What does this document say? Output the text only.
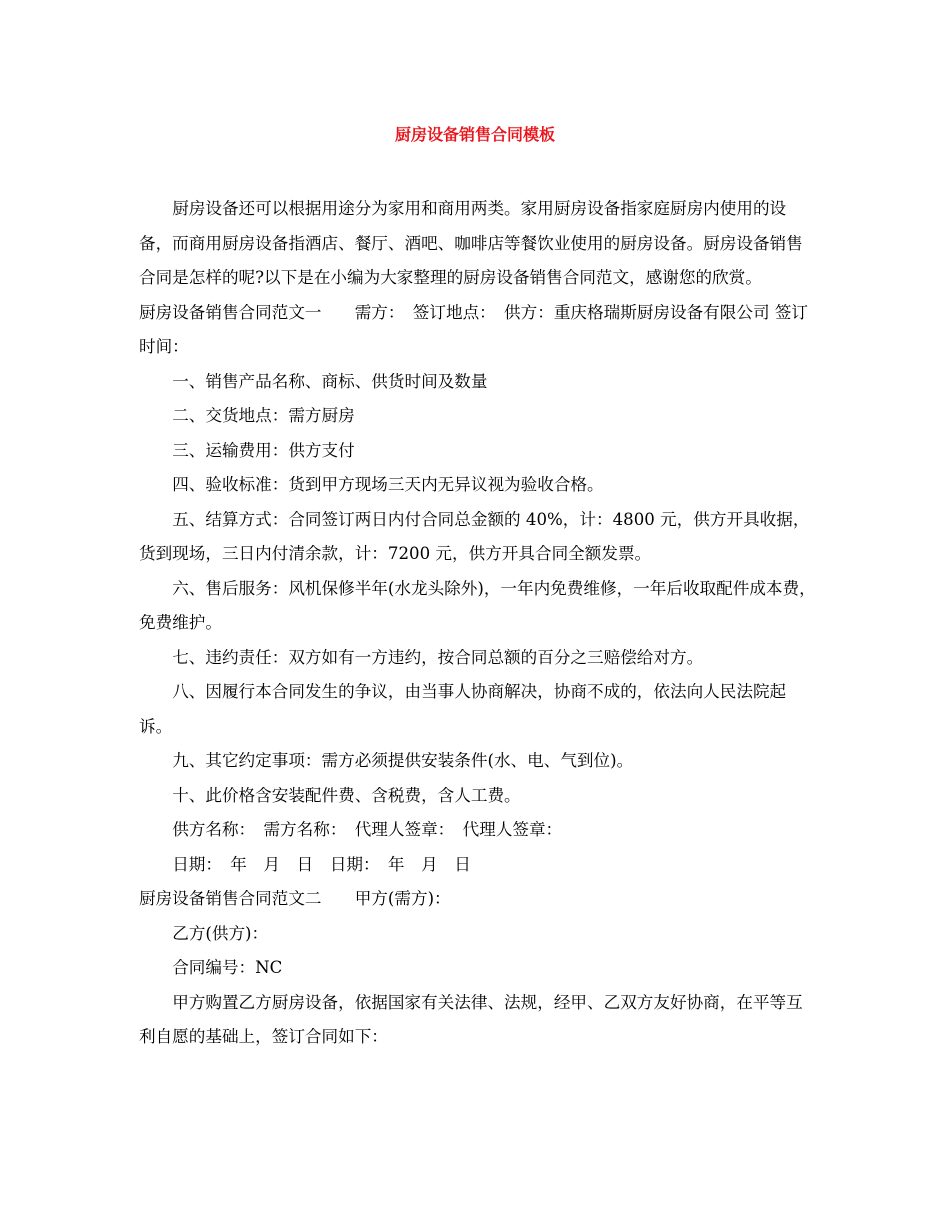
厨房设备销售合同模板

厨房设备还可以根据用途分为家用和商用两类。家用厨房设备指家庭厨房内使用的设备，而商用厨房设备指酒店、餐厅、酒吧、咖啡店等餐饮业使用的厨房设备。厨房设备销售合同是怎样的呢?以下是在小编为大家整理的厨房设备销售合同范文，感谢您的欣赏。

厨房设备销售合同范文一　　需方：　签订地点：　供方：重庆格瑞斯厨房设备有限公司 签订时间：

一、销售产品名称、商标、供货时间及数量

二、交货地点：需方厨房

三、运输费用：供方支付

四、验收标准：货到甲方现场三天内无异议视为验收合格。

五、结算方式：合同签订两日内付合同总金额的 40%，计：4800 元，供方开具收据，货到现场，三日内付清余款，计：7200 元，供方开具合同全额发票。

六、售后服务：风机保修半年(水龙头除外)，一年内免费维修，一年后收取配件成本费，免费维护。

七、违约责任：双方如有一方违约，按合同总额的百分之三赔偿给对方。

八、因履行本合同发生的争议，由当事人协商解决，协商不成的，依法向人民法院起诉。

九、其它约定事项：需方必须提供安装条件(水、电、气到位)。

十、此价格含安装配件费、含税费，含人工费。

供方名称：　需方名称：　代理人签章：　代理人签章：

日期：　年　月　日　日期：　年　月　日

厨房设备销售合同范文二　　甲方(需方)：

乙方(供方)：

合同编号：NC

甲方购置乙方厨房设备，依据国家有关法律、法规，经甲、乙双方友好协商，在平等互利自愿的基础上，签订合同如下：
